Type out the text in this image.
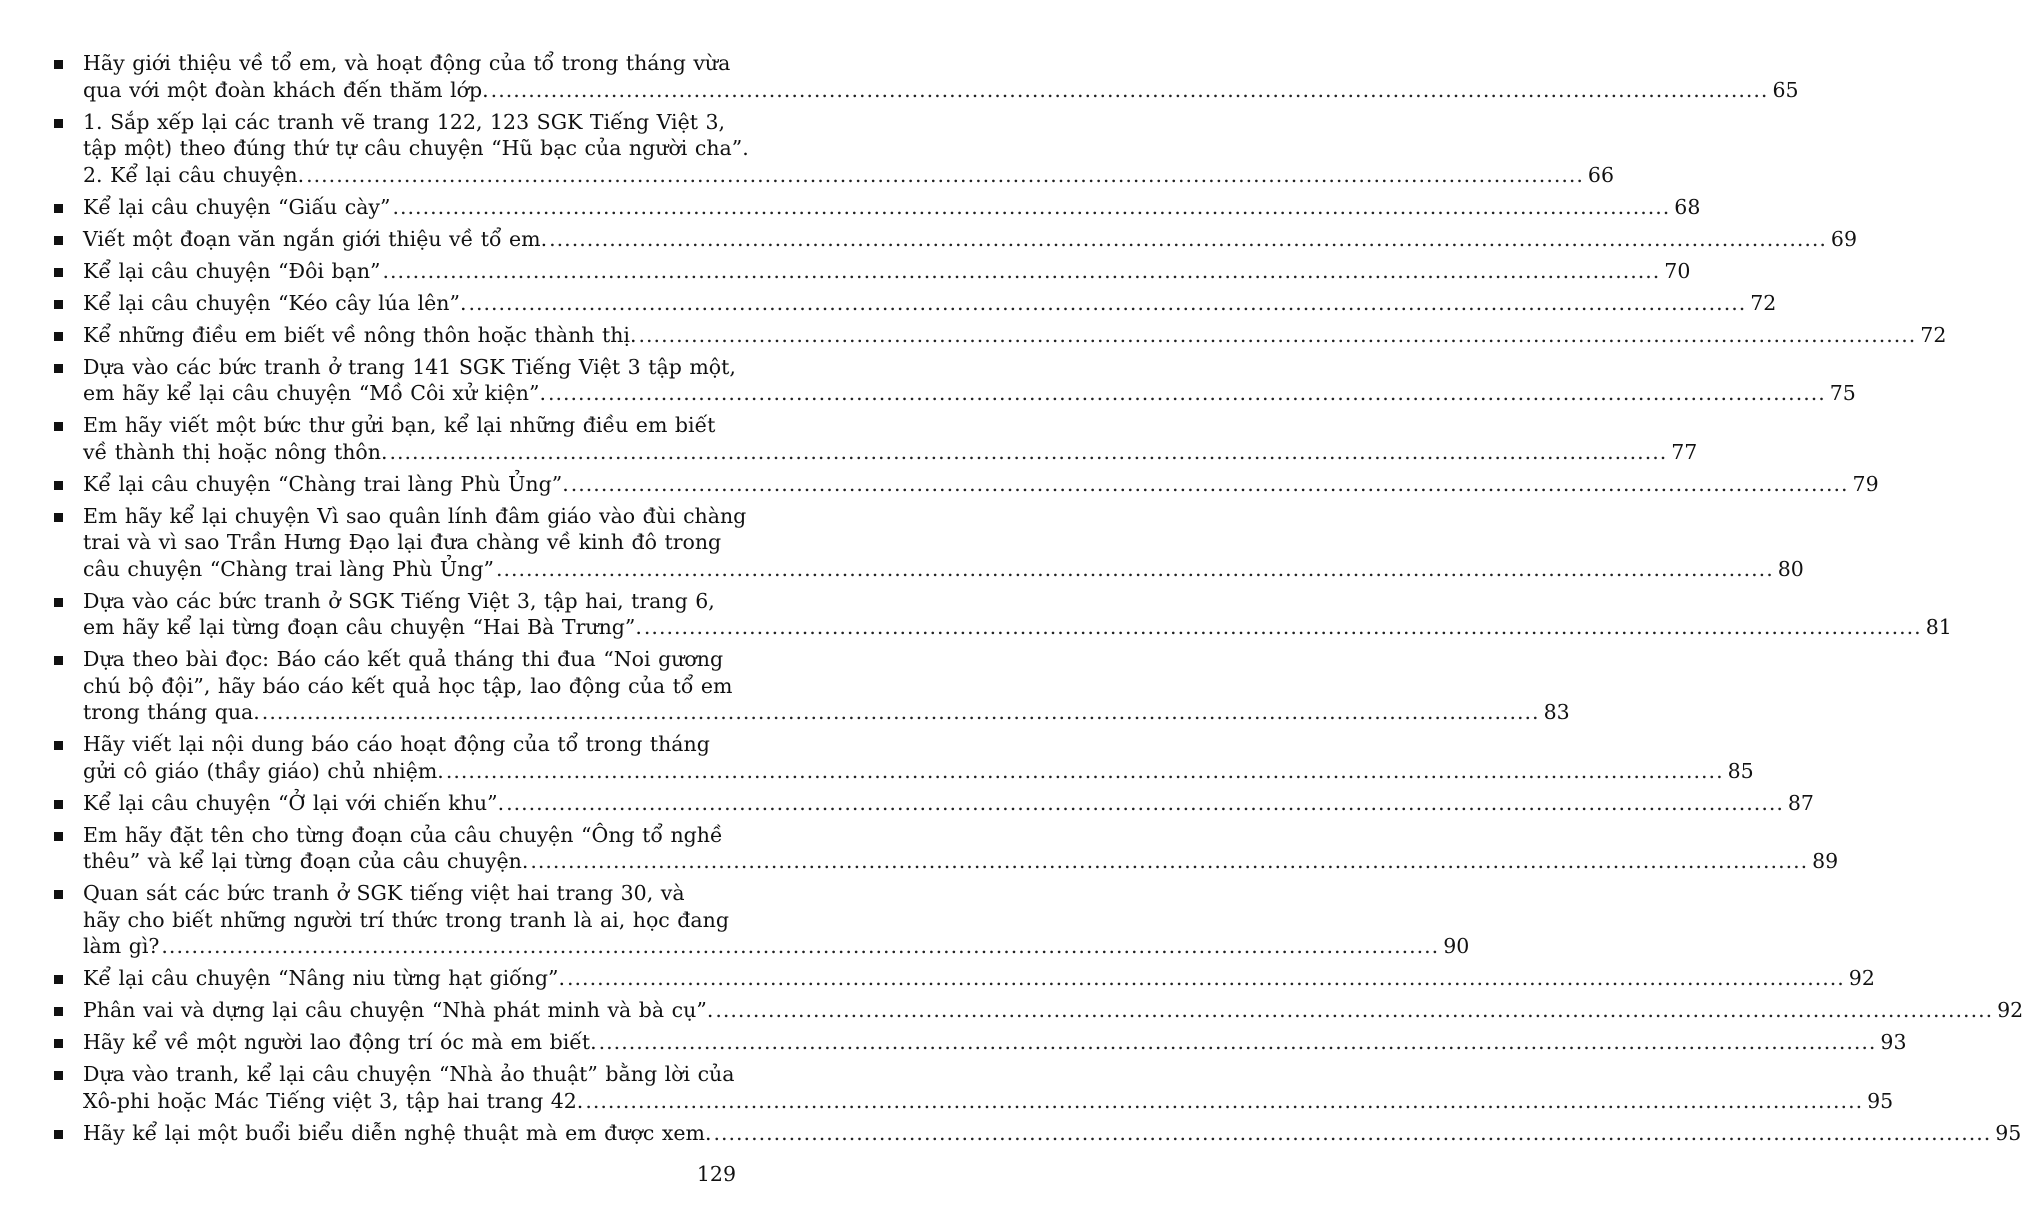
Hãy giới thiệu về tổ em, và hoạt động của tổ trong tháng vừa
qua với một đoàn khách đến thăm lớp. .....	65
1. Sắp xếp lại các tranh vẽ trang 122, 123 SGK Tiếng Việt 3,
tập một) theo đúng thứ tự câu chuyện “Hũ bạc của người cha”.
2. Kể lại câu chuyện. .....	66
Kể lại câu chuyện “Giấu cày” .....	68
Viết một đoạn văn ngắn giới thiệu về tổ em. .....	69
Kể lại câu chuyện “Đôi bạn” .....	70
Kể lại câu chuyện “Kéo cây lúa lên”. .....	72
Kể những điều em biết về nông thôn hoặc thành thị. .....	72
Dựa vào các bức tranh ở trang 141 SGK Tiếng Việt 3 tập một,
em hãy kể lại câu chuyện “Mồ Côi xử kiện”. .....	75
Em hãy viết một bức thư gửi bạn, kể lại những điều em biết
về thành thị hoặc nông thôn. .....	77
Kể lại câu chuyện “Chàng trai làng Phù Ủng”. .....	79
Em hãy kể lại chuyện Vì sao quân lính đâm giáo vào đùi chàng
trai và vì sao Trần Hưng Đạo lại đưa chàng về kinh đô trong
câu chuyện “Chàng trai làng Phù Ủng” .....	80
Dựa vào các bức tranh ở SGK Tiếng Việt 3, tập hai, trang 6,
em hãy kể lại từng đoạn câu chuyện “Hai Bà Trưng”. .....	81
Dựa theo bài đọc: Báo cáo kết quả tháng thi đua “Noi gương
chú bộ đội”, hãy báo cáo kết quả học tập, lao động của tổ em
trong tháng qua. .....	83
Hãy viết lại nội dung báo cáo hoạt động của tổ trong tháng
gửi cô giáo (thầy giáo) chủ nhiệm. .....	85
Kể lại câu chuyện “Ở lại với chiến khu”. .....	87
Em hãy đặt tên cho từng đoạn của câu chuyện “Ông tổ nghề
thêu” và kể lại từng đoạn của câu chuyện. .....	89
Quan sát các bức tranh ở SGK tiếng việt hai trang 30, và
hãy cho biết những người trí thức trong tranh là ai, học đang
làm gì? .....	90
Kể lại câu chuyện “Nâng niu từng hạt giống”. .....	92
Phân vai và dựng lại câu chuyện “Nhà phát minh và bà cụ”. .....	92
Hãy kể về một người lao động trí óc mà em biết. .....	93
Dựa vào tranh, kể lại câu chuyện “Nhà ảo thuật” bằng lời của
Xô-phi hoặc Mác Tiếng việt 3, tập hai trang 42. .....	95
Hãy kể lại một buổi biểu diễn nghệ thuật mà em được xem. .....	95
129
